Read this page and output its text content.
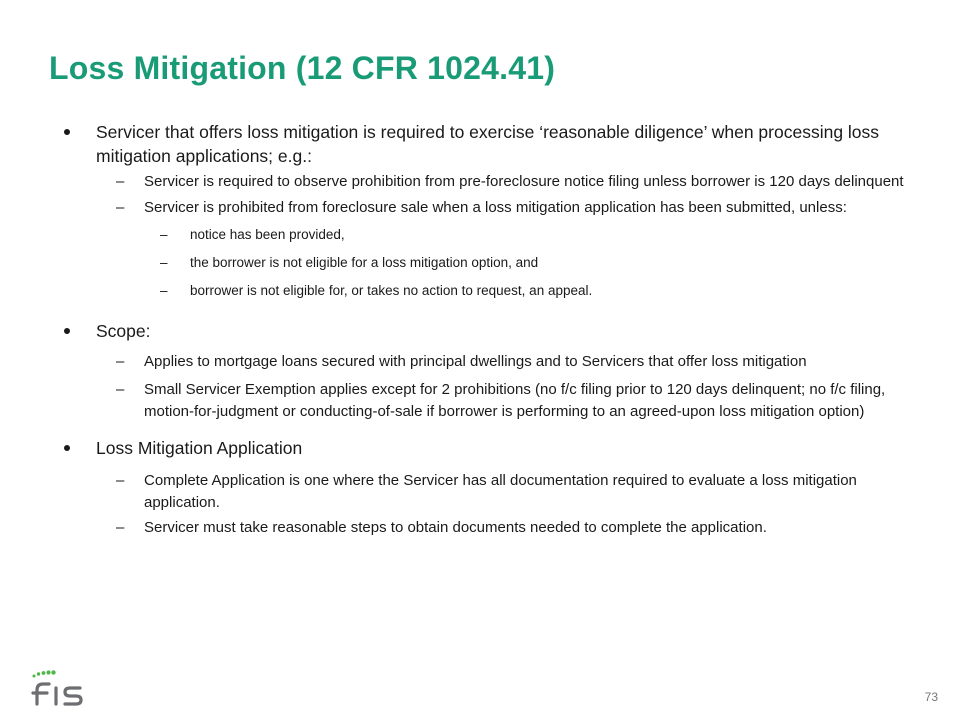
Loss Mitigation (12 CFR 1024.41)
Servicer that offers loss mitigation is required to exercise ‘reasonable diligence’ when processing loss mitigation applications; e.g.:
– Servicer is required to observe prohibition from pre-foreclosure notice filing unless borrower is 120 days delinquent
– Servicer is prohibited from foreclosure sale when a loss mitigation application has been submitted, unless:
– notice has been provided,
– the borrower is not eligible for a loss mitigation option, and
– borrower is not eligible for, or takes no action to request, an appeal.
Scope:
– Applies to mortgage loans secured with principal dwellings and to Servicers that offer loss mitigation
– Small Servicer Exemption applies except for 2 prohibitions (no f/c filing prior to 120 days delinquent; no f/c filing, motion-for-judgment or conducting-of-sale if borrower is performing to an agreed-upon loss mitigation option)
Loss Mitigation Application
– Complete Application is one where the Servicer has all documentation required to evaluate a loss mitigation application.
– Servicer must take reasonable steps to obtain documents needed to complete the application.
73
